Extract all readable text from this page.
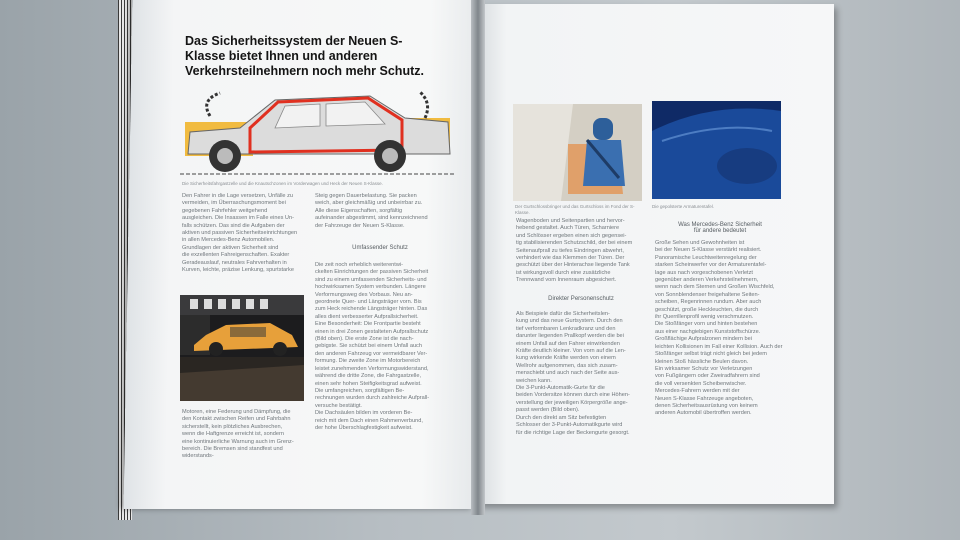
Das Sicherheitssystem der Neuen S-Klasse bietet Ihnen und anderen Verkehrsteilnehmern noch mehr Schutz.
Die Sicherheitsfahrgastzelle und die Knautschzonen im Vorderwagen und Heck der Neuen S-Klasse.
Den Fahrer in die Lage versetzen, Unfälle zu
vermeiden, im Überraschungsmoment bei
gegebenen Fahrfehler weitgehend
ausgleichen. Die Insassen im Falle eines Un-
falls schützen. Das sind die Aufgaben der
aktiven und passiven Sicherheitseinrichtungen
in allen Mercedes-Benz Automobilen.
Grundlagen der aktiven Sicherheit sind
die exzellenten Fahreigenschaften. Exakter
Geradeauslauf, neutrales Fahrverhalten in
Kurven, leichte, präzise Lenkung, spurtstarke
Steig gegen Dauerbelastung. Sie packen
weich, aber gleichmäßig und unbeirrbar zu.
Alle diese Eigenschaften, sorgfältig
aufeinander abgestimmt, sind kennzeichnend
der Fahrzeuge der Neuen S-Klasse.
Umfassender Schutz
Die zeit noch erheblich weiterentwi-
ckelten Einrichtungen der passiven Sicherheit
sind zu einem umfassenden Sicherheits- und
hochwirksamen System verbunden. Längere
Verformungsweg des Vorbaus. Neu an-
geordnete Quer- und Längsträger vorn. Bis
zum Heck reichende Längsträger hinten. Das
alles dient verbesserter Aufprallsicherheit.
Eine Besonderheit: Die Frontpartie besteht
einen in drei Zonen gestalteten Aufprallschutz
(Bild oben). Die erste Zone ist die nach-
gebigste. Sie schützt bei einem Unfall auch
den anderen Fahrzeug vor vermeidbarer Ver-
formung. Die zweite Zone im Motorbereich
leistet zunehmenden Verformungswiderstand,
während die dritte Zone, die Fahrgastzelle,
einen sehr hohen Steifigkeitsgrad aufweist.
Die umfangreichen, sorgfältigen Be-
rechnungen wurden durch zahlreiche Aufprall-
versuche bestätigt.
Die Dachsäulen bilden im vorderen Be-
reich mit dem Dach einen Rahmenverbund,
der hohe Überschlagfestigkeit aufweist.
Motoren, eine Federung und Dämpfung, die
den Kontakt zwischen Reifen und Fahrbahn
sicherstellt, kein plötzliches Ausbrechen,
wenn die Haftgrenze erreicht ist, sondern
eine kontinuierliche Warnung auch im Grenz-
bereich. Die Bremsen sind standfest und widerstands-
Der Gurtschlossbringer und das Gurtschloss im Fond der S-Klasse.
Die gepolsterte Armaturentafel.
Wagenboden und Seitenpartien und hervor-
hebend gestaltet. Auch Türen, Scharniere
und Schlösser ergeben einen sich gegensei-
tig stabilisierenden Schutzschild, der bei einem
Seitenaufprall zu tiefes Eindringen abwehrt,
verhindert wie das Klemmen der Türen. Der
geschützt über der Hinterachse liegende Tank
ist wirkungsvoll durch eine zusätzliche
Trennwand vom Innenraum abgesichert.
Direkter Personenschutz
Als Beispiele dafür die Sicherheitslen-
kung und das neue Gurtsystem. Durch den
tief verformbaren Lenkradkranz und den
darunter liegenden Prallkopf werden die bei
einem Unfall auf den Fahrer einwirkenden
Kräfte deutlich kleiner. Von vorn auf die Len-
kung wirkende Kräfte werden von einem
Wellrohr aufgenommen, das sich zusam-
menschiebt und auch nach der Seite aus-
weichen kann.
Die 3-Punkt-Automatik-Gurte für die
beiden Vordersitze können durch eine Höhen-
verstellung der jeweiligen Körpergröße ange-
passt werden (Bild oben).
Durch den direkt am Sitz befestigten
Schlosser der 3-Punkt-Automatikgurte wird
für die richtige Lage der Beckengurte gesorgt.
Was Mercedes-Benz Sicherheit
für andere bedeutet
Große Sehen und Gewohnheiten ist
bei der Neuen S-Klasse verstärkt realisiert.
Panoramische Leuchtweitenregelung der
starken Scheinwerfer vor der Armaturentafel-
lage aus nach vorgeschobenen Verletzt
gegenüber anderen Verkehrsteilnehmern,
wenn nach dem Sternen und Großen Wischfeld,
von Sonnblendenser freigehaltene Seiten-
scheiben, Regenrinnen rundum. Aber auch
geschützt, große Heckleuchten, die durch
ihr Querrillenprofil wenig verschmutzen.
Die Stoßfänger vorn und hinten bestehen
aus einer nachgiebigen Kunststoffschürze.
Großflächige Aufpralzonen mindern bei
leichten Kollisionen im Fall einer Kollision. Auch der
Stoßfänger selbst trägt nicht gleich bei jedem
kleinen Stoß hässliche Beulen davon.
Ein wirksamer Schutz vor Verletzungen
von Fußgängern oder Zweiradfahrern sind
die voll versenkten Scheibenwischer.
Mercedes-Fahrern werden mit der
Neuen S-Klasse Fahrzeuge angeboten,
denen Sicherheitsausrüstung von keinem
anderen Automobil übertroffen werden.
